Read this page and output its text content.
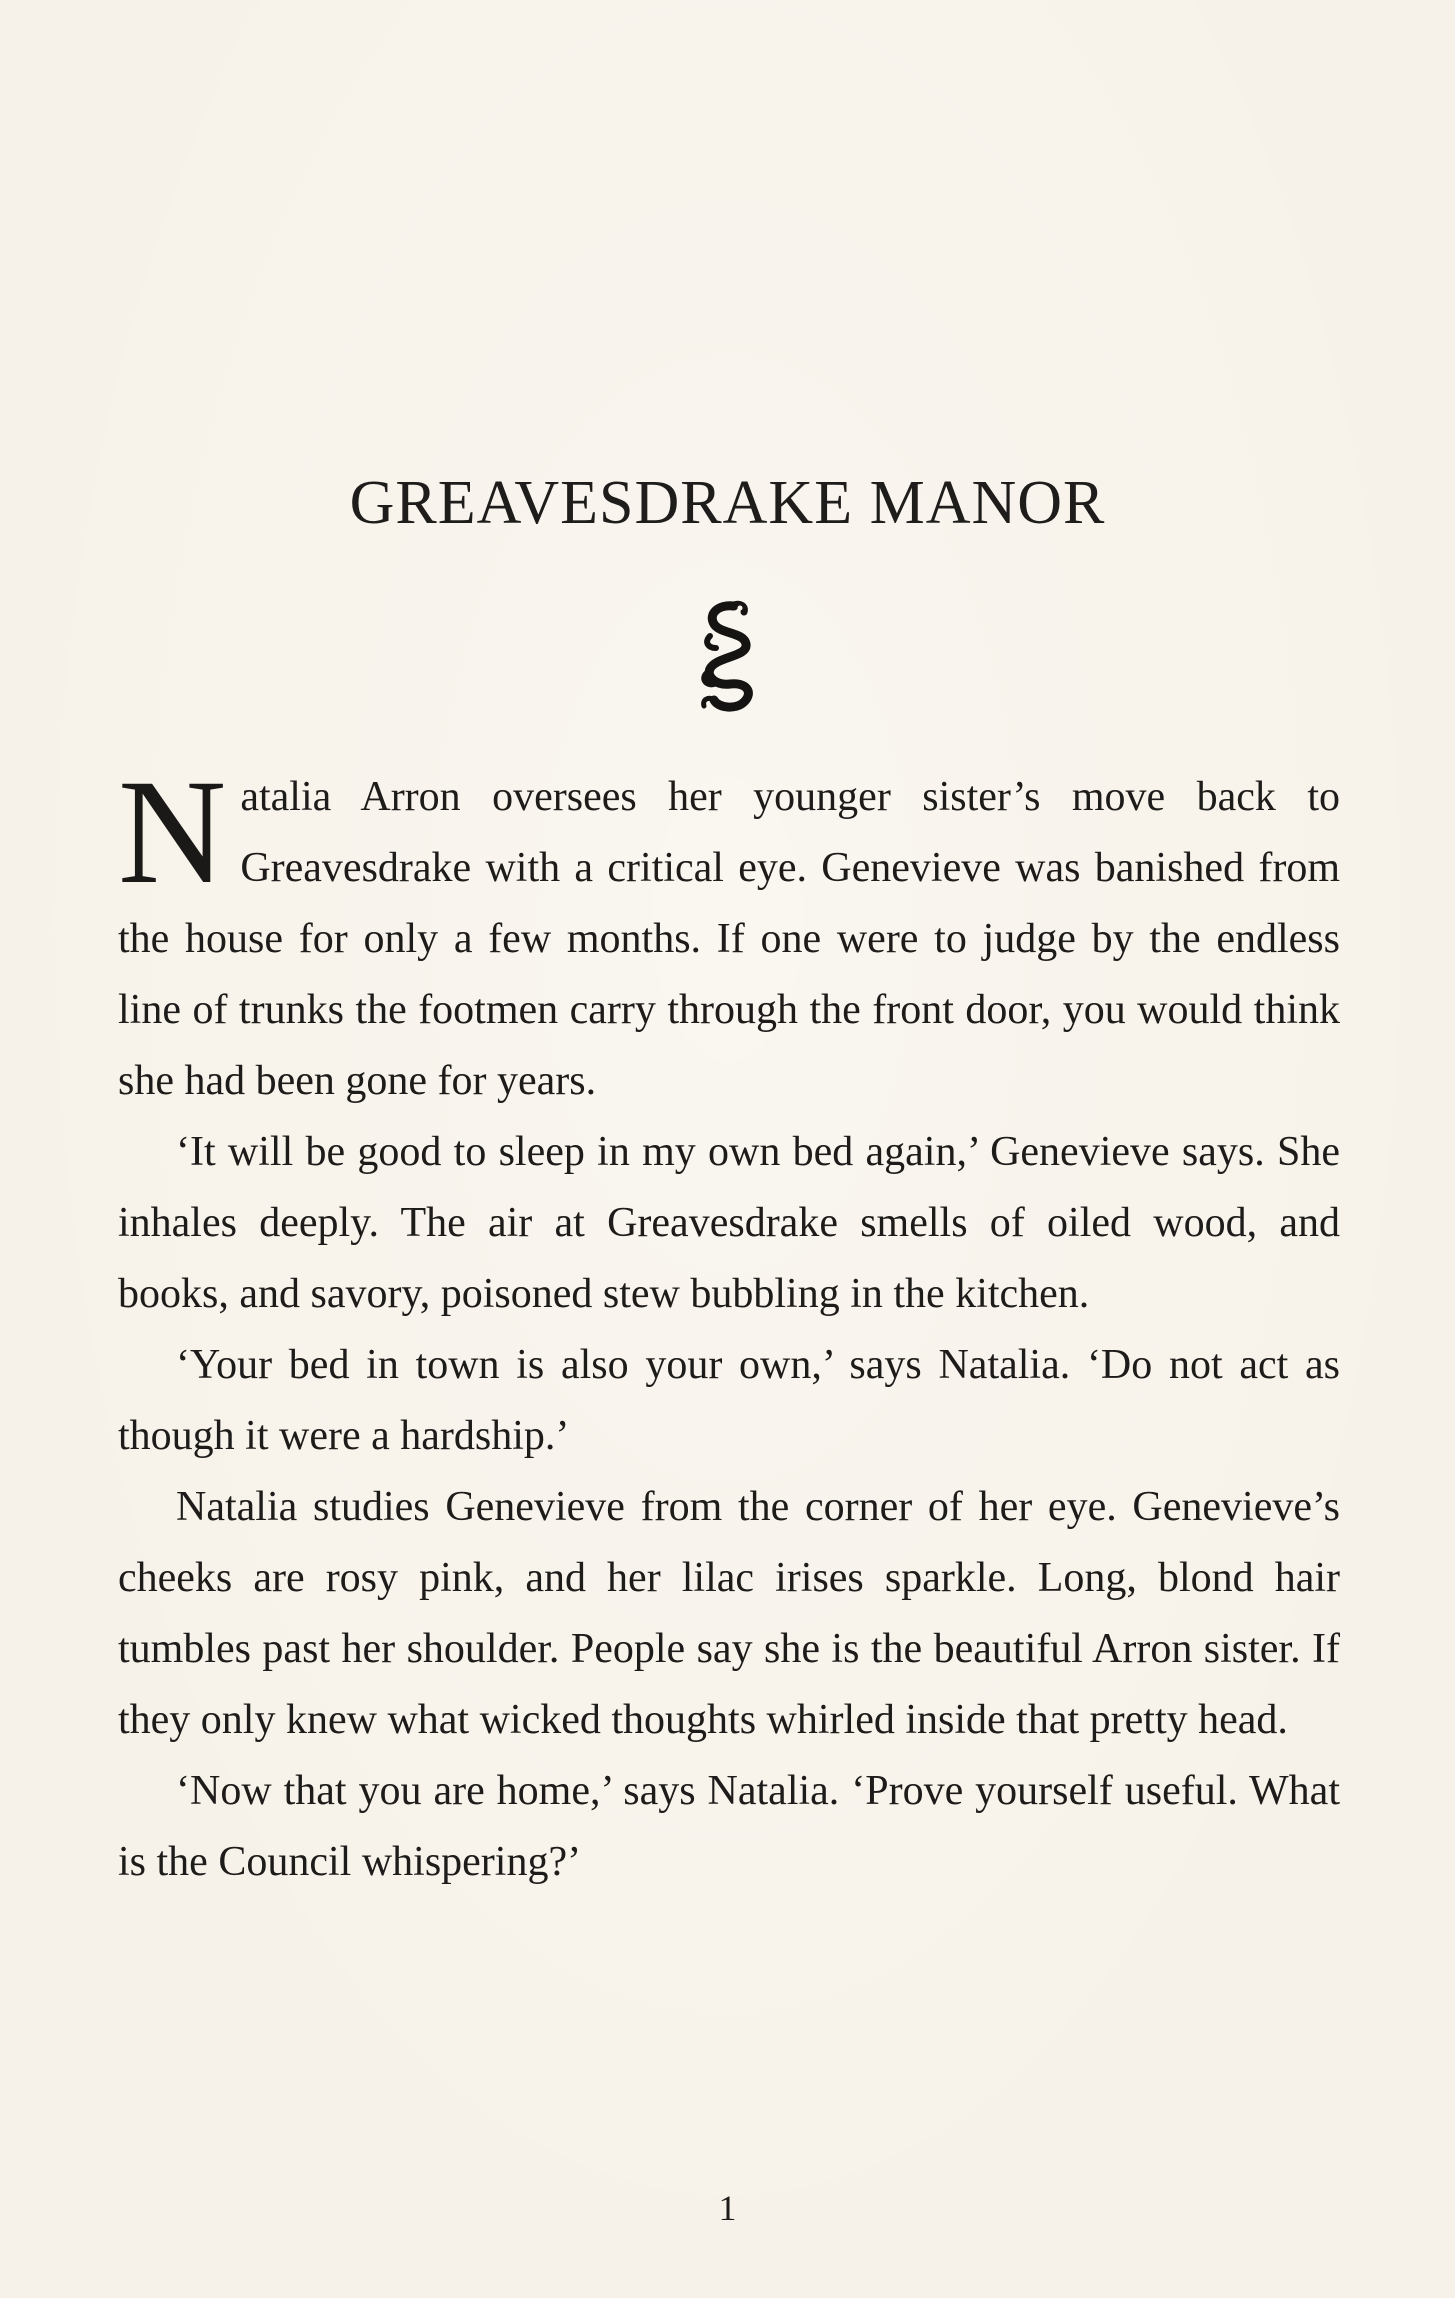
GREAVESDRAKE MANOR

Natalia Arron oversees her younger sister’s move back to Greavesdrake with a critical eye. Genevieve was banished from the house for only a few months. If one were to judge by the endless line of trunks the footmen carry through the front door, you would think she had been gone for years.

‘It will be good to sleep in my own bed again,’ Genevieve says. She inhales deeply. The air at Greavesdrake smells of oiled wood, and books, and savory, poisoned stew bubbling in the kitchen.

‘Your bed in town is also your own,’ says Natalia. ‘Do not act as though it were a hardship.’

Natalia studies Genevieve from the corner of her eye. Genevieve’s cheeks are rosy pink, and her lilac irises sparkle. Long, blond hair tumbles past her shoulder. People say she is the beautiful Arron sister. If they only knew what wicked thoughts whirled inside that pretty head.

‘Now that you are home,’ says Natalia. ‘Prove yourself useful. What is the Council whispering?’

1
